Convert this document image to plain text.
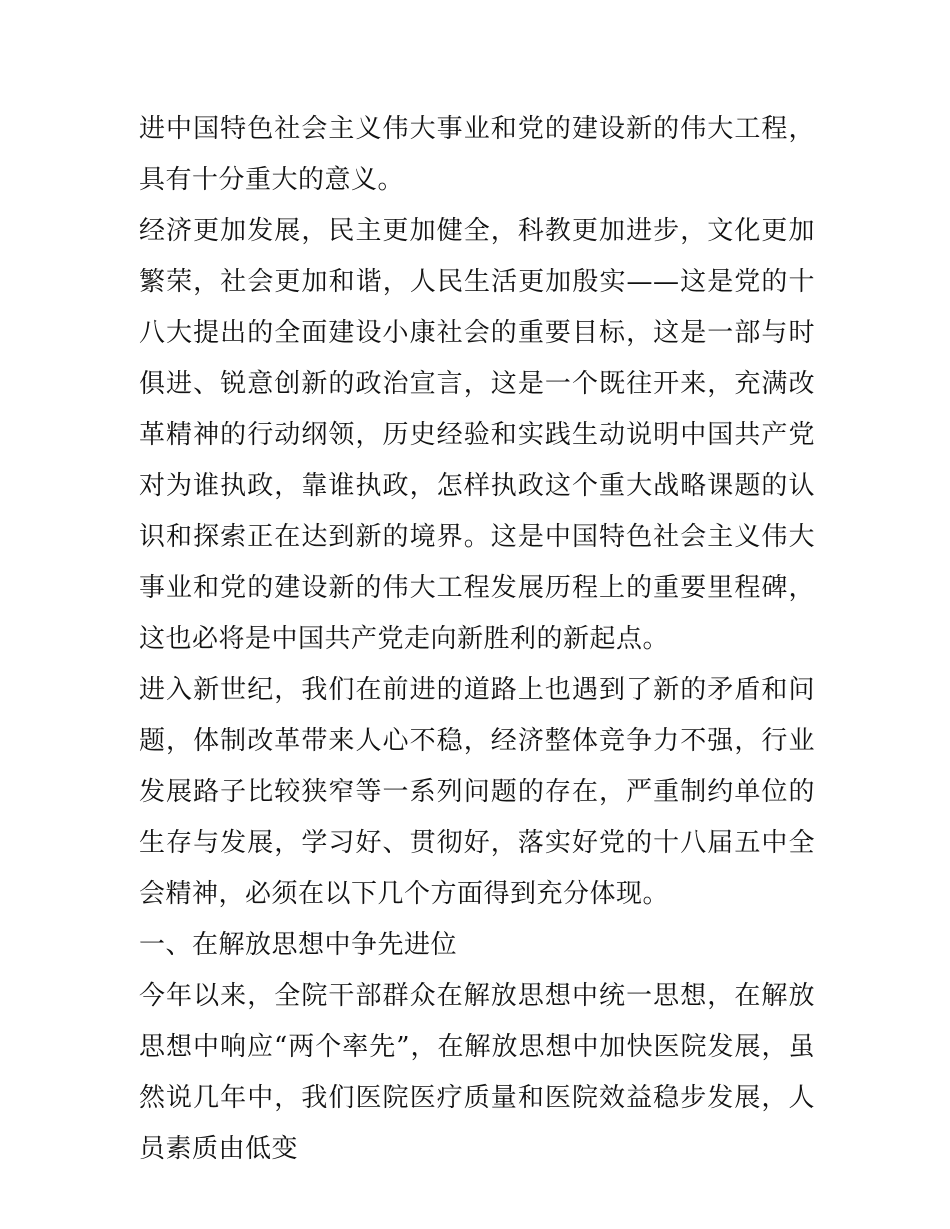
进中国特色社会主义伟大事业和党的建设新的伟大工程，具有十分重大的意义。

经济更加发展，民主更加健全，科教更加进步，文化更加繁荣，社会更加和谐，人民生活更加殷实——这是党的十八大提出的全面建设小康社会的重要目标，这是一部与时俱进、锐意创新的政治宣言，这是一个既往开来，充满改革精神的行动纲领，历史经验和实践生动说明中国共产党对为谁执政，靠谁执政，怎样执政这个重大战略课题的认识和探索正在达到新的境界。这是中国特色社会主义伟大事业和党的建设新的伟大工程发展历程上的重要里程碑，这也必将是中国共产党走向新胜利的新起点。

进入新世纪，我们在前进的道路上也遇到了新的矛盾和问题，体制改革带来人心不稳，经济整体竞争力不强，行业发展路子比较狭窄等一系列问题的存在，严重制约单位的生存与发展，学习好、贯彻好，落实好党的十八届五中全会精神，必须在以下几个方面得到充分体现。

一、在解放思想中争先进位

今年以来，全院干部群众在解放思想中统一思想，在解放思想中响应“两个率先”，在解放思想中加快医院发展，虽然说几年中，我们医院医疗质量和医院效益稳步发展，人员素质由低变
